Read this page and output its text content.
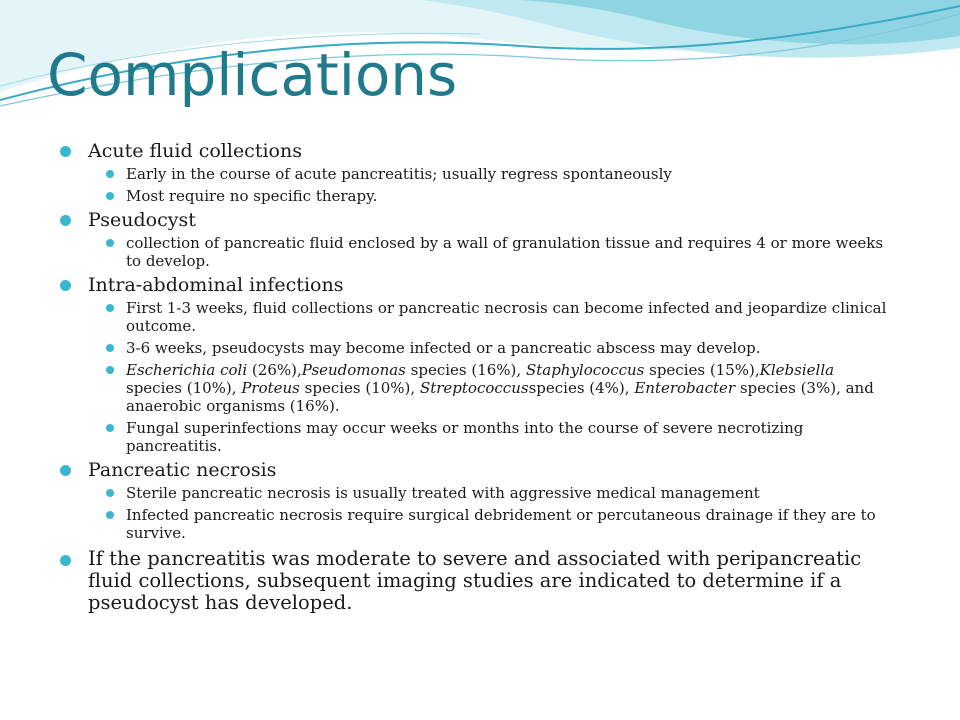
Complications
Acute fluid collections
Early in the course of acute pancreatitis; usually regress spontaneously
Most require no specific therapy.
Pseudocyst
collection of pancreatic fluid enclosed by a wall of granulation tissue and requires 4 or more weeks to develop.
Intra-abdominal infections
First 1-3 weeks, fluid collections or pancreatic necrosis can become infected and jeopardize clinical outcome.
3-6 weeks, pseudocysts may become infected or a pancreatic abscess may develop.
Escherichia coli (26%),Pseudomonas species (16%), Staphylococcus species (15%),Klebsiella species (10%), Proteus species (10%), Streptococcusspecies (4%), Enterobacter species (3%), and anaerobic organisms (16%).
Fungal superinfections may occur weeks or months into the course of severe necrotizing pancreatitis.
Pancreatic necrosis
Sterile pancreatic necrosis is usually treated with aggressive medical management
Infected pancreatic necrosis require surgical debridement or percutaneous drainage if they are to survive.
If the pancreatitis was moderate to severe and associated with peripancreatic fluid collections, subsequent imaging studies are indicated to determine if a pseudocyst has developed.
